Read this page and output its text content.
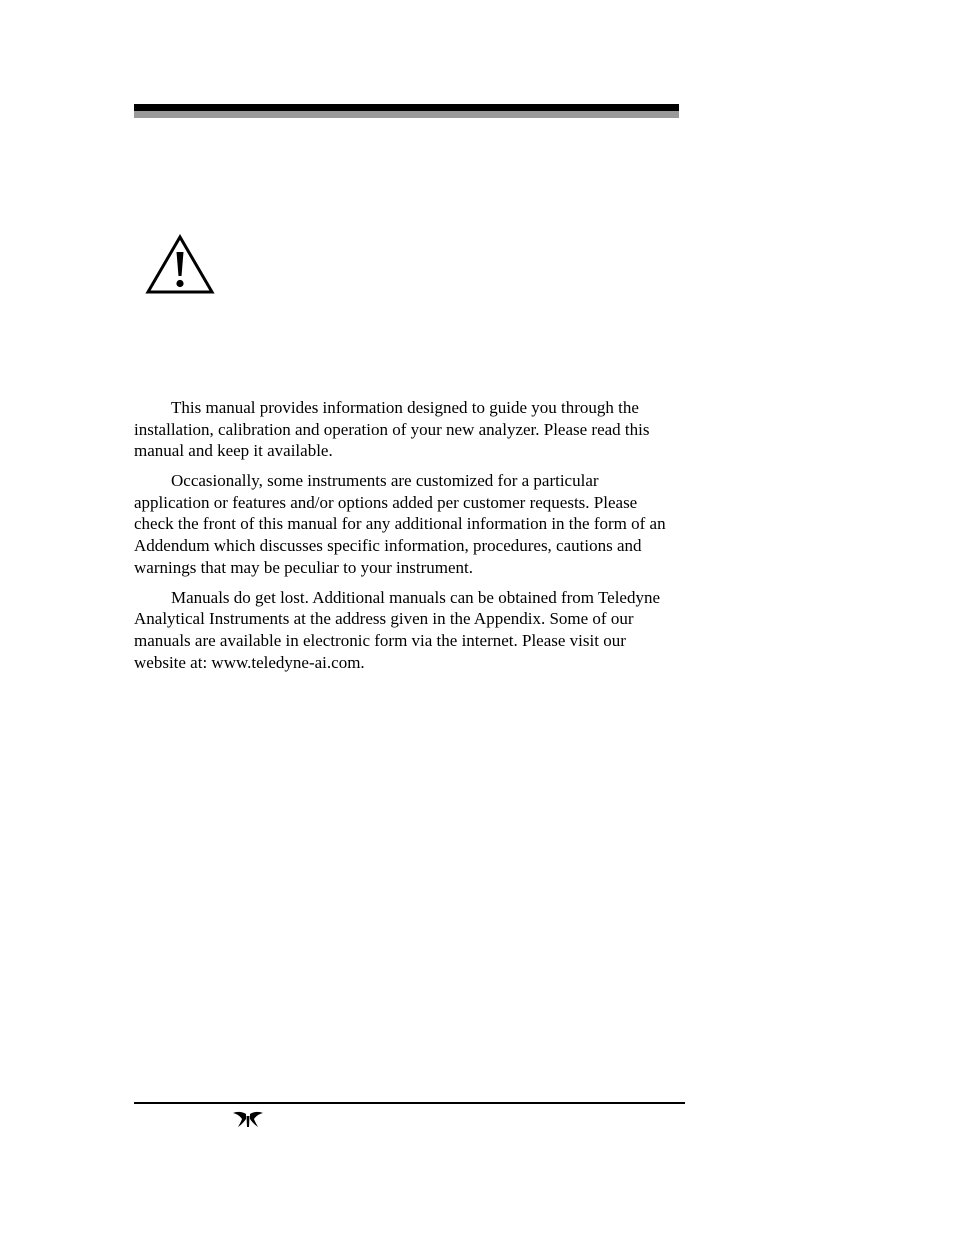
This manual provides information designed to guide you through the installation, calibration and operation of your new analyzer. Please read this manual and keep it available.

Occasionally, some instruments are customized for a particular application or features and/or options added per customer requests. Please check the front of this manual for any additional information in the form of an Addendum which discusses specific information, procedures, cautions and warnings that may be peculiar to your instrument.

Manuals do get lost. Additional manuals can be obtained from Teledyne Analytical Instruments at the address given in the Appendix. Some of our manuals are available in electronic form via the internet. Please visit our website at: www.teledyne-ai.com.
